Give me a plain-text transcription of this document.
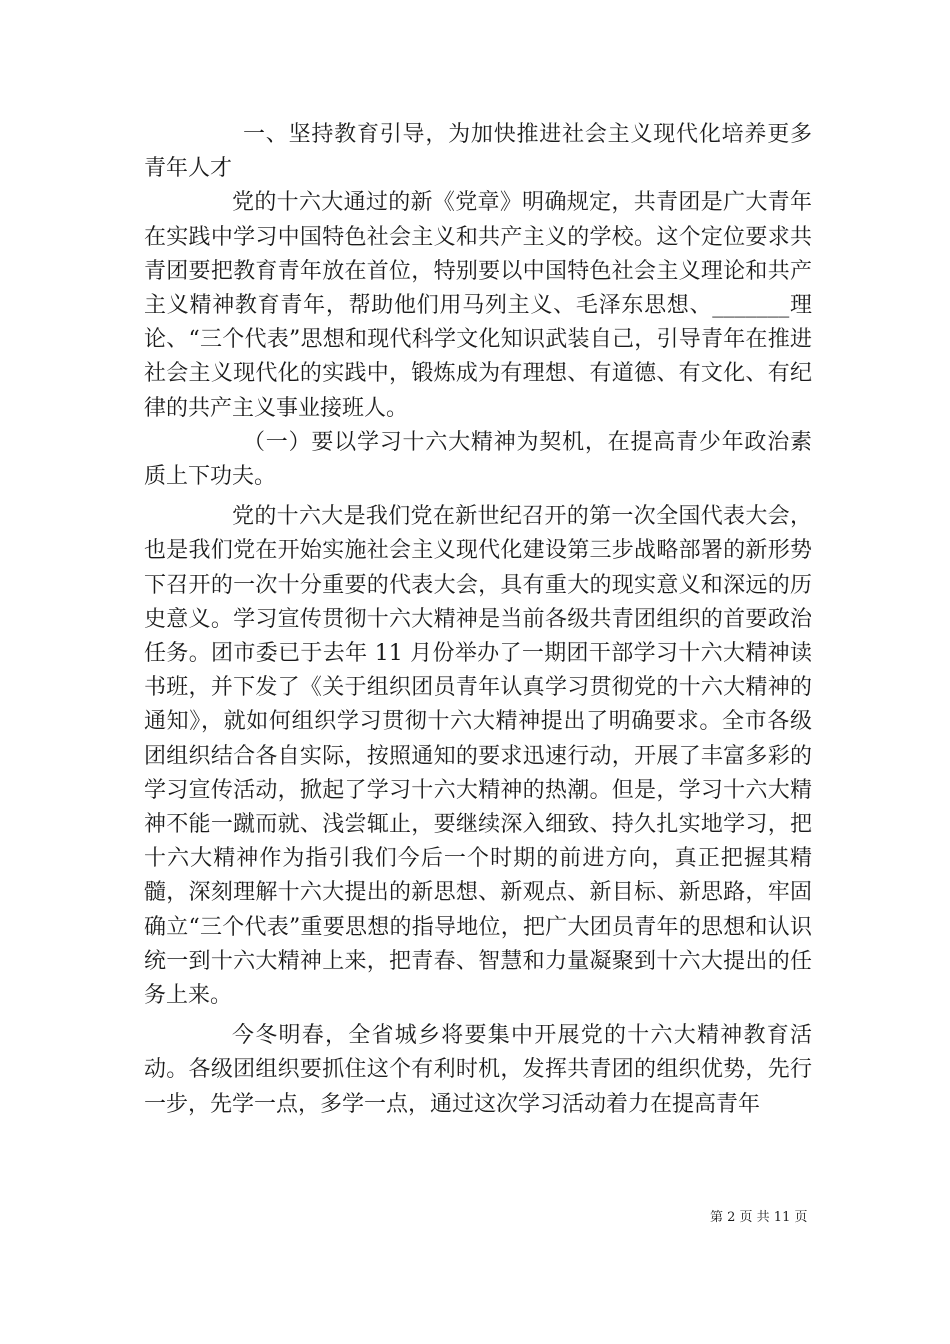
一、坚持教育引导，为加快推进社会主义现代化培养更多青年人才

党的十六大通过的新《党章》明确规定，共青团是广大青年在实践中学习中国特色社会主义和共产主义的学校。这个定位要求共青团要把教育青年放在首位，特别要以中国特色社会主义理论和共产主义精神教育青年，帮助他们用马列主义、毛泽东思想、_______理论、“三个代表”思想和现代科学文化知识武装自己，引导青年在推进社会主义现代化的实践中，锻炼成为有理想、有道德、有文化、有纪律的共产主义事业接班人。

（一）要以学习十六大精神为契机，在提高青少年政治素质上下功夫。

党的十六大是我们党在新世纪召开的第一次全国代表大会，也是我们党在开始实施社会主义现代化建设第三步战略部署的新形势下召开的一次十分重要的代表大会，具有重大的现实意义和深远的历史意义。学习宣传贯彻十六大精神是当前各级共青团组织的首要政治任务。团市委已于去年 11 月份举办了一期团干部学习十六大精神读书班，并下发了《关于组织团员青年认真学习贯彻党的十六大精神的通知》，就如何组织学习贯彻十六大精神提出了明确要求。全市各级团组织结合各自实际，按照通知的要求迅速行动，开展了丰富多彩的学习宣传活动，掀起了学习十六大精神的热潮。但是，学习十六大精神不能一蹴而就、浅尝辄止，要继续深入细致、持久扎实地学习，把十六大精神作为指引我们今后一个时期的前进方向，真正把握其精髓，深刻理解十六大提出的新思想、新观点、新目标、新思路，牢固确立“三个代表”重要思想的指导地位，把广大团员青年的思想和认识统一到十六大精神上来，把青春、智慧和力量凝聚到十六大提出的任务上来。

今冬明春，全省城乡将要集中开展党的十六大精神教育活动。各级团组织要抓住这个有利时机，发挥共青团的组织优势，先行一步，先学一点，多学一点，通过这次学习活动着力在提高青年

第 2 页 共 11 页
